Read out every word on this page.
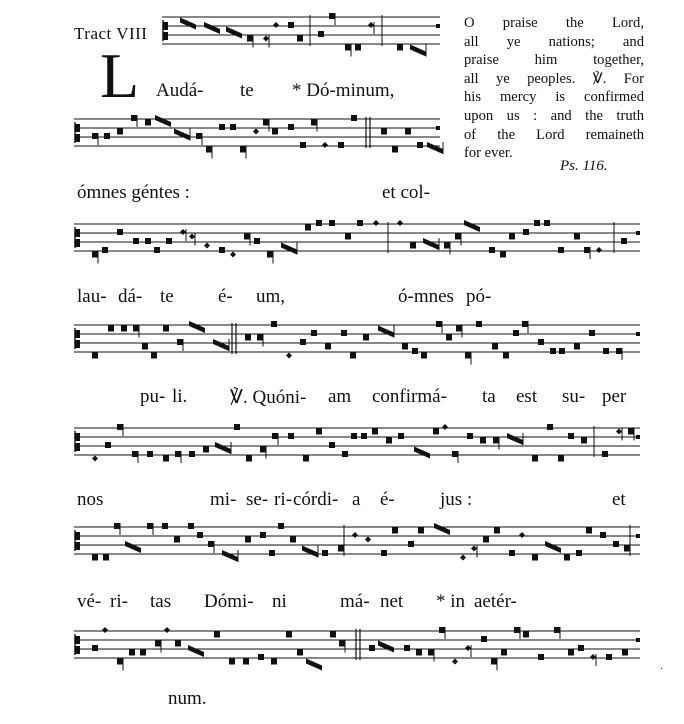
Tract VIII
L
O praise the Lord,
all ye nations; and
praise him together,
all ye peoples. ℣. For
his mercy is confirmed
upon us : and the truth
of the Lord remaineth
for ever.
Ps. 116.
Audá- te * Dó-minum,
ómnes géntes :	et col-
lau- dá- te é- um,	ó-mnes pó-
pu- li. ℣. Quóni- am confirmá- ta est su- per
nos	mi- se- ri- córdi- a é- jus :	et
vé- ri- tas Dómi- ni	má- net * in aetér-
num.
·
